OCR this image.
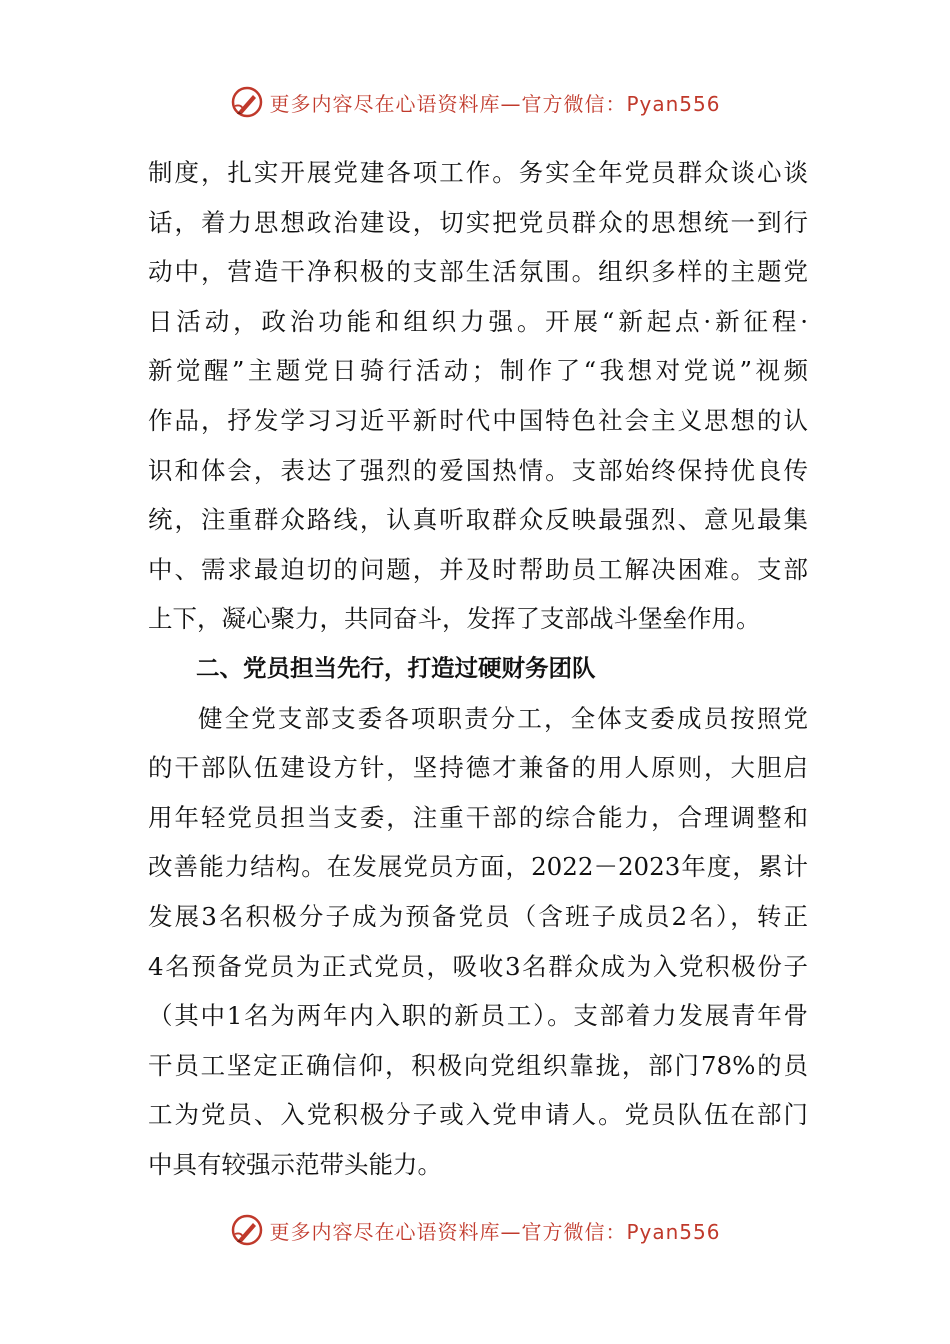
更多内容尽在心语资料库—官方微信：Pyan556
制度，扎实开展党建各项工作。务实全年党员群众谈心谈
话，着力思想政治建设，切实把党员群众的思想统一到行
动中，营造干净积极的支部生活氛围。组织多样的主题党
日活动，政治功能和组织力强。开展“新起点·新征程·
新觉醒”主题党日骑行活动；制作了“我想对党说”视频
作品，抒发学习习近平新时代中国特色社会主义思想的认
识和体会，表达了强烈的爱国热情。支部始终保持优良传
统，注重群众路线，认真听取群众反映最强烈、意见最集
中、需求最迫切的问题，并及时帮助员工解决困难。支部
上下，凝心聚力，共同奋斗，发挥了支部战斗堡垒作用。
二、党员担当先行，打造过硬财务团队
健全党支部支委各项职责分工，全体支委成员按照党
的干部队伍建设方针，坚持德才兼备的用人原则，大胆启
用年轻党员担当支委，注重干部的综合能力，合理调整和
改善能力结构。在发展党员方面，2022－2023年度，累计
发展3名积极分子成为预备党员（含班子成员2名），转正
4名预备党员为正式党员，吸收3名群众成为入党积极份子
（其中1名为两年内入职的新员工）。支部着力发展青年骨
干员工坚定正确信仰，积极向党组织靠拢，部门78%的员
工为党员、入党积极分子或入党申请人。党员队伍在部门
中具有较强示范带头能力。
更多内容尽在心语资料库—官方微信：Pyan556
